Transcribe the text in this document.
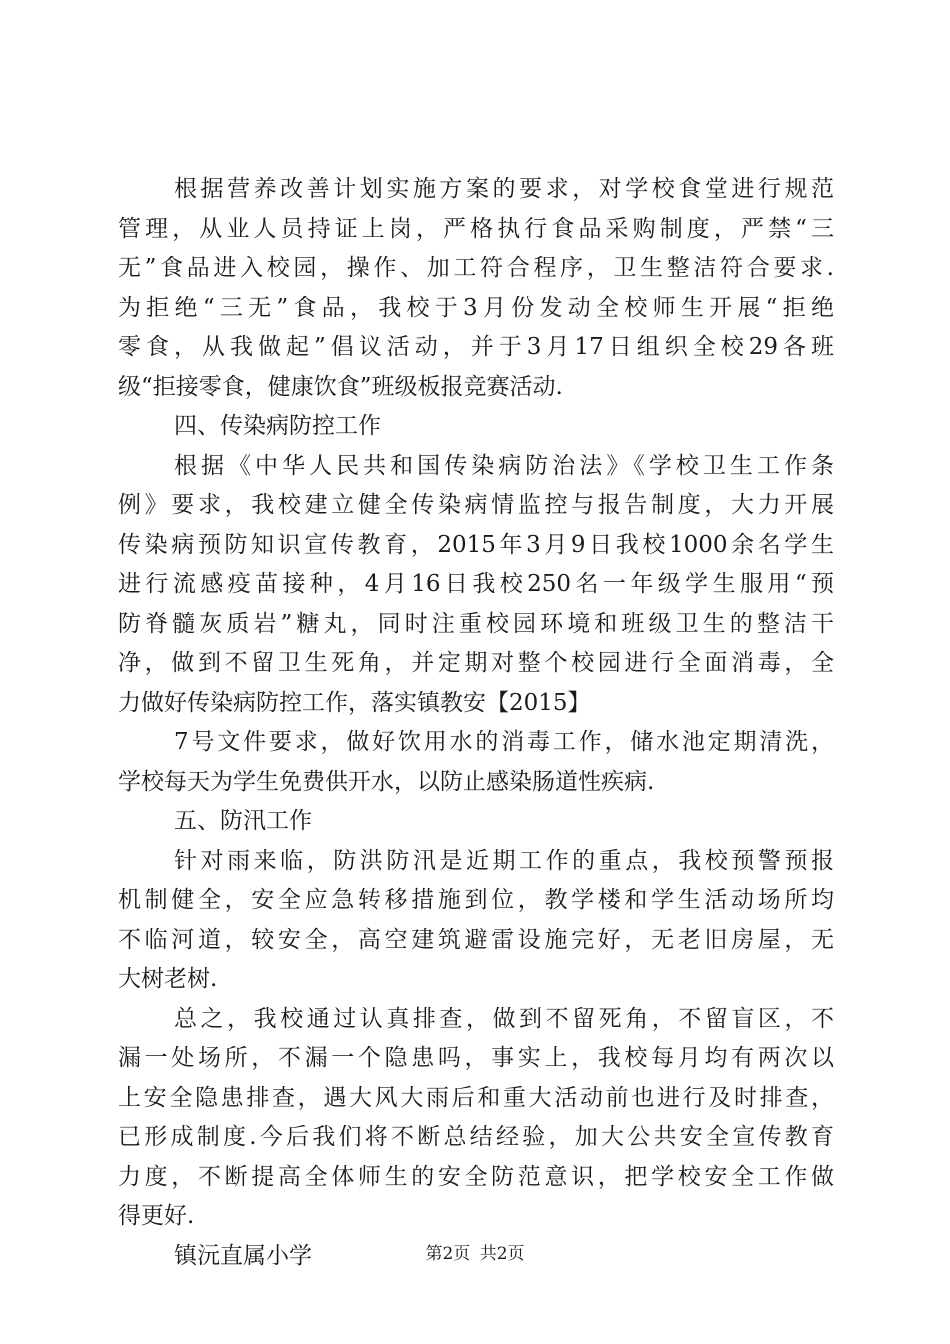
根据营养改善计划实施方案的要求，对学校食堂进行规范
管理，从业人员持证上岗，严格执行食品采购制度，严禁“三
无”食品进入校园，操作、加工符合程序，卫生整洁符合要求.
为拒绝“三无”食品，我校于3月份发动全校师生开展“拒绝
零食，从我做起”倡议活动，并于3月17日组织全校29各班
级“拒接零食，健康饮食”班级板报竞赛活动.
四、传染病防控工作
根据《中华人民共和国传染病防治法》《学校卫生工作条
例》要求，我校建立健全传染病情监控与报告制度，大力开展
传染病预防知识宣传教育，2015年3月9日我校1000余名学生
进行流感疫苗接种，4月16日我校250名一年级学生服用“预
防脊髓灰质岩”糖丸，同时注重校园环境和班级卫生的整洁干
净，做到不留卫生死角，并定期对整个校园进行全面消毒，全
力做好传染病防控工作，落实镇教安【2015】
7号文件要求，做好饮用水的消毒工作，储水池定期清洗，
学校每天为学生免费供开水，以防止感染肠道性疾病.
五、防汛工作
针对雨来临，防洪防汛是近期工作的重点，我校预警预报
机制健全，安全应急转移措施到位，教学楼和学生活动场所均
不临河道，较安全，高空建筑避雷设施完好，无老旧房屋，无
大树老树.
总之，我校通过认真排查，做到不留死角，不留盲区，不
漏一处场所，不漏一个隐患吗，事实上，我校每月均有两次以
上安全隐患排查，遇大风大雨后和重大活动前也进行及时排查，
已形成制度.今后我们将不断总结经验，加大公共安全宣传教育
力度，不断提高全体师生的安全防范意识，把学校安全工作做
得更好.
镇沅直属小学	第2页 共2页
